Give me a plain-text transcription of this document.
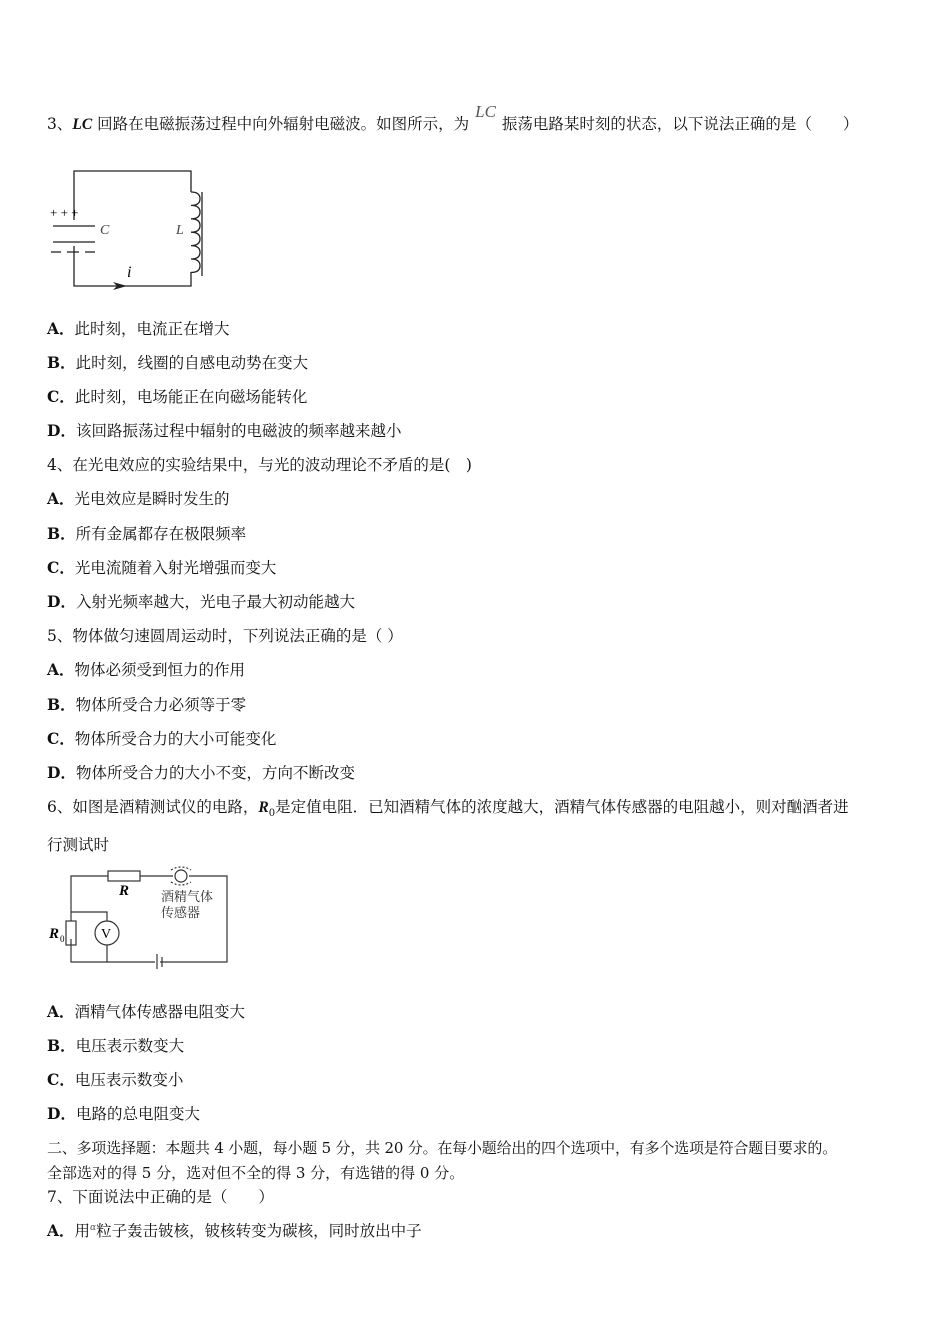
3、LC 回路在电磁振荡过程中向外辐射电磁波。如图所示，为LC振荡电路某时刻的状态，以下说法正确的是（　　）
+ + +
C	L
i
A．此时刻，电流正在增大
B．此时刻，线圈的自感电动势在变大
C．此时刻，电场能正在向磁场能转化
D．该回路振荡过程中辐射的电磁波的频率越来越小
4、在光电效应的实验结果中，与光的波动理论不矛盾的是(　)
A．光电效应是瞬时发生的
B．所有金属都存在极限频率
C．光电流随着入射光增强而变大
D．入射光频率越大，光电子最大初动能越大
5、物体做匀速圆周运动时，下列说法正确的是（ ）
A．物体必须受到恒力的作用
B．物体所受合力必须等于零
C．物体所受合力的大小可能变化
D．物体所受合力的大小不变，方向不断改变
6、如图是酒精测试仪的电路，$R_0$是定值电阻．已知酒精气体的浓度越大，酒精气体传感器的电阻越小，则对酗酒者进
行测试时
V
R
R 0
酒精气体
传感器
A．酒精气体传感器电阻变大
B．电压表示数变大
C．电压表示数变小
D．电路的总电阻变大
二、多项选择题：本题共 4 小题，每小题 5 分，共 20 分。在每小题给出的四个选项中，有多个选项是符合题目要求的。
全部选对的得 5 分，选对但不全的得 3 分，有选错的得 0 分。
7、下面说法中正确的是（　　）
A．用$^\alpha$粒子轰击铍核，铍核转变为碳核，同时放出中子
